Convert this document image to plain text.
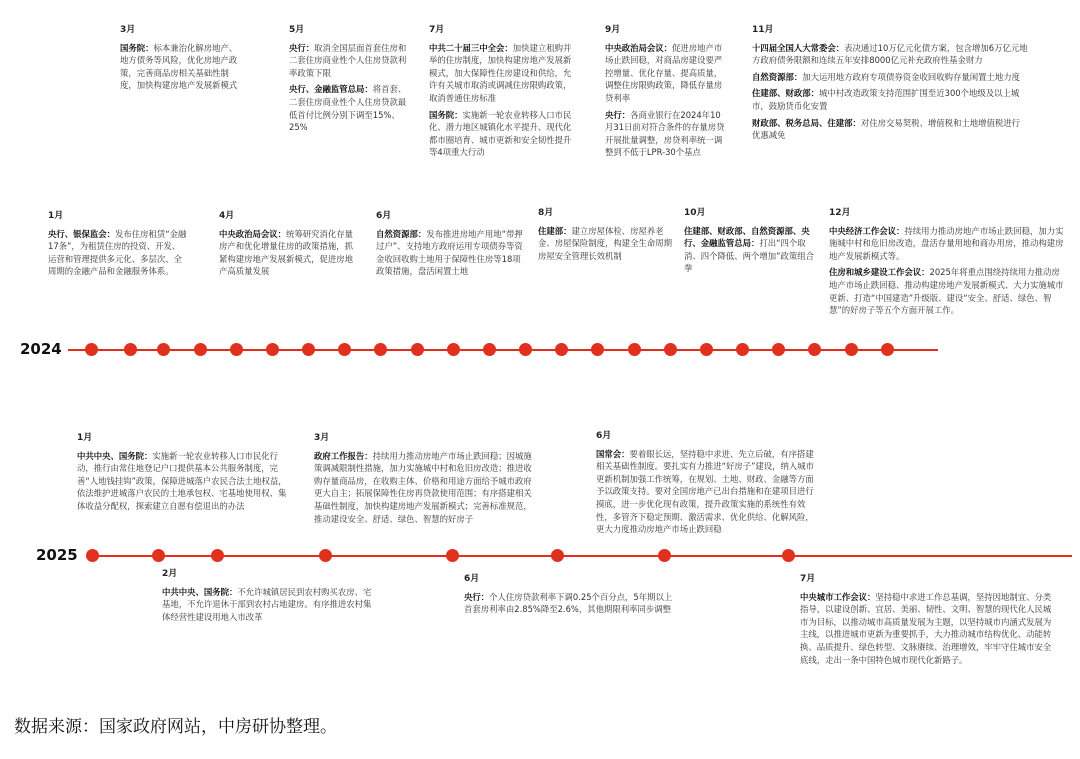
2024
1月
央行、银保监会：发布住房租赁“金融17条”，为租赁住房的投资、开发、运营和管理提供多元化、多层次、全周期的金融产品和金融服务体系。
4月
中央政治局会议：统筹研究消化存量房产和优化增量住房的政策措施，抓紧构建房地产发展新模式，促进房地产高质量发展
6月
自然资源部：发布推进房地产用地“带押过户”、支持地方政府运用专项债券等资金收回收购土地用于保障性住房等18项政策措施，盘活闲置土地
8月
住建部：建立房屋体检、房屋养老金、房屋保险制度，构建全生命周期房屋安全管理长效机制
10月
住建部、财政部、自然资源部、央行、金融监管总局：打出“四个取消、四个降低、两个增加”政策组合拳
12月
中央经济工作会议：持续用力推动房地产市场止跌回稳，加力实施城中村和危旧房改造，盘活存量用地和商办用房，推动构建房地产发展新模式等。
住房和城乡建设工作会议：2025年将重点围绕持续用力推动房地产市场止跌回稳、推动构建房地产发展新模式、大力实施城市更新、打造“中国建造”升级版、建设“安全、舒适、绿色、智慧”的好房子等五个方面开展工作。
3月
国务院：标本兼治化解房地产、地方债务等风险，优化房地产政策，完善商品房相关基础性制度，加快构建房地产发展新模式
5月
央行：取消全国层面首套住房和二套住房商业性个人住房贷款利率政策下限
央行、金融监管总局：将首套、二套住房商业性个人住房贷款最低首付比例分别下调至15%、25%
7月
中共二十届三中全会：加快建立租购并举的住房制度，加快构建房地产发展新模式，加大保障性住房建设和供给，允许有关城市取消或调减住房限购政策，取消普通住房标准
国务院：实施新一轮农业转移人口市民化、潜力地区城镇化水平提升、现代化都市圈培育、城市更新和安全韧性提升等4项重大行动
9月
中央政治局会议：促进房地产市场止跌回稳，对商品房建设要严控增量、优化存量、提高质量，调整住房限购政策，降低存量房贷利率
央行：各商业银行在2024年10月31日前对符合条件的存量房贷开展批量调整，房贷利率统一调整到不低于LPR-30个基点
11月
十四届全国人大常委会：表决通过10万亿元化债方案，包含增加6万亿元地方政府债务限额和连续五年安排8000亿元补充政府性基金财力
自然资源部：加大运用地方政府专项债券资金收回收购存量闲置土地力度
住建部、财政部：城中村改造政策支持范围扩围至近300个地级及以上城市，鼓励货币化安置
财政部、税务总局、住建部：对住房交易契税、增值税和土地增值税进行优惠减免
2025
1月
中共中央、国务院：实施新一轮农业转移人口市民化行动，推行由常住地登记户口提供基本公共服务制度，完善“人地钱挂钩”政策，保障进城落户农民合法土地权益，依法维护进城落户农民的土地承包权、宅基地使用权、集体收益分配权，探索建立自愿有偿退出的办法
3月
政府工作报告：持续用力推动房地产市场止跌回稳；因城施策调减限制性措施，加力实施城中村和危旧房改造；推进收购存量商品房，在收购主体、价格和用途方面给予城市政府更大自主；拓展保障性住房再贷款使用范围；有序搭建相关基础性制度，加快构建房地产发展新模式；完善标准规范，推动建设安全、舒适、绿色、智慧的好房子
6月
国常会：要着眼长远，坚持稳中求进、先立后破，有序搭建相关基础性制度。要扎实有力推进“好房子”建设，纳入城市更新机制加强工作统筹，在规划、土地、财政、金融等方面予以政策支持。要对全国房地产已出台措施和在建项目进行摸底，进一步优化现有政策，提升政策实施的系统性有效性，多管齐下稳定预期、激活需求、优化供给、化解风险，更大力度推动房地产市场止跌回稳
2月
中共中央、国务院：不允许城镇居民到农村购买农房、宅基地，不允许退休干部到农村占地建房。有序推进农村集体经营性建设用地入市改革
6月
央行：个人住房贷款利率下调0.25个百分点，5年期以上首套房利率由2.85%降至2.6%，其他期限利率同步调整
7月
中央城市工作会议：坚持稳中求进工作总基调，坚持因地制宜、分类指导，以建设创新、宜居、美丽、韧性、文明、智慧的现代化人民城市为目标，以推动城市高质量发展为主题，以坚持城市内涵式发展为主线，以推进城市更新为重要抓手，大力推动城市结构优化、动能转换、品质提升、绿色转型、文脉赓续、治理增效，牢牢守住城市安全底线，走出一条中国特色城市现代化新路子。
数据来源：国家政府网站，中房研协整理。
